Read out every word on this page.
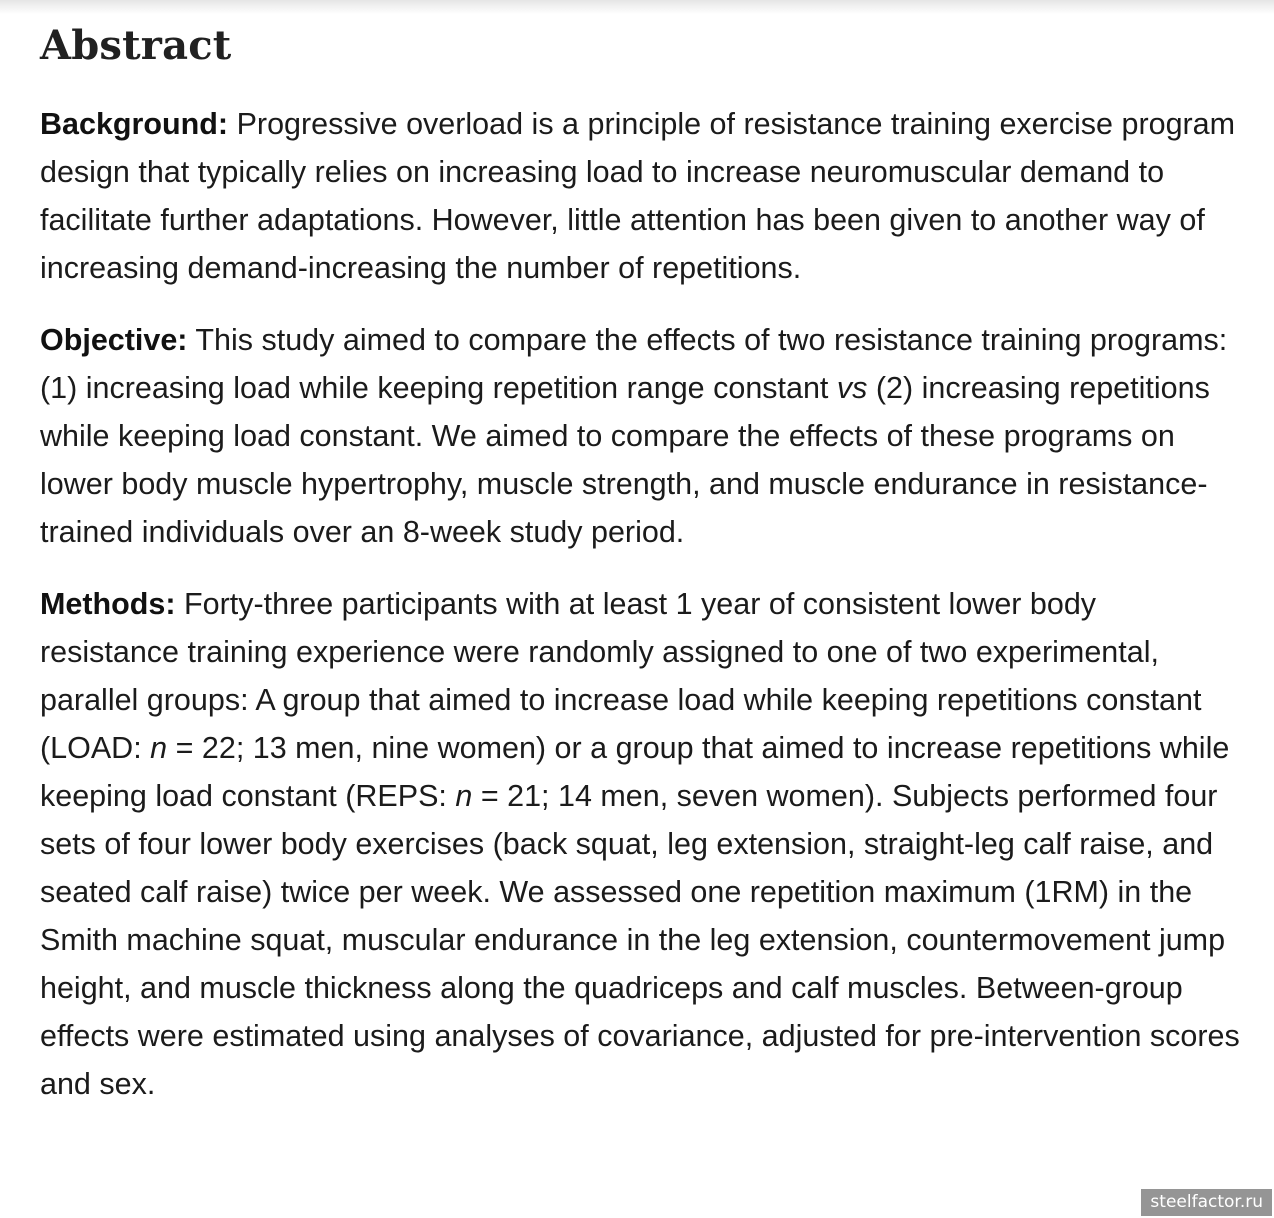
Abstract

Background: Progressive overload is a principle of resistance training exercise program design that typically relies on increasing load to increase neuromuscular demand to facilitate further adaptations. However, little attention has been given to another way of increasing demand-increasing the number of repetitions.

Objective: This study aimed to compare the effects of two resistance training programs: (1) increasing load while keeping repetition range constant vs (2) increasing repetitions while keeping load constant. We aimed to compare the effects of these programs on lower body muscle hypertrophy, muscle strength, and muscle endurance in resistance-trained individuals over an 8-week study period.

Methods: Forty-three participants with at least 1 year of consistent lower body resistance training experience were randomly assigned to one of two experimental, parallel groups: A group that aimed to increase load while keeping repetitions constant (LOAD: n = 22; 13 men, nine women) or a group that aimed to increase repetitions while keeping load constant (REPS: n = 21; 14 men, seven women). Subjects performed four sets of four lower body exercises (back squat, leg extension, straight-leg calf raise, and seated calf raise) twice per week. We assessed one repetition maximum (1RM) in the Smith machine squat, muscular endurance in the leg extension, countermovement jump height, and muscle thickness along the quadriceps and calf muscles. Between-group effects were estimated using analyses of covariance, adjusted for pre-intervention scores and sex.

steelfactor.ru
